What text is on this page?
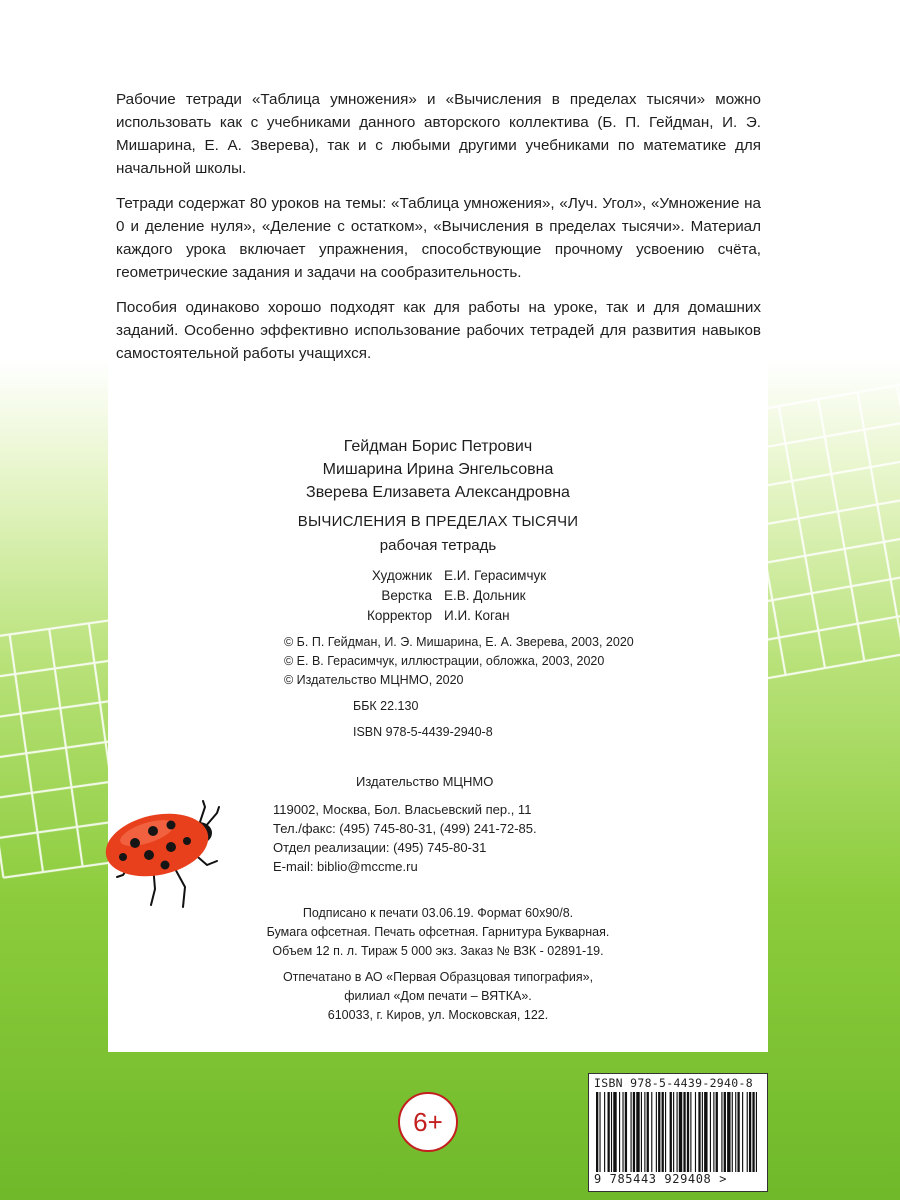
Рабочие тетради «Таблица умножения» и «Вычисления в пределах тысячи» можно использовать как с учебниками данного авторского коллектива (Б. П. Гейдман, И. Э. Мишарина, Е. А. Зверева), так и с любыми другими учебниками по математике для начальной школы.

Тетради содержат 80 уроков на темы: «Таблица умножения», «Луч. Угол», «Умножение на 0 и деление нуля», «Деление с остатком», «Вычисления в пределах тысячи». Материал каждого урока включает упражнения, способствующие прочному усвоению счёта, геометрические задания и задачи на сообразительность.

Пособия одинаково хорошо подходят как для работы на уроке, так и для домашних заданий. Особенно эффективно использование рабочих тетрадей для развития навыков самостоятельной работы учащихся.

Гейдман Борис Петрович
Мишарина Ирина Энгельсовна
Зверева Елизавета Александровна
ВЫЧИСЛЕНИЯ В ПРЕДЕЛАХ ТЫСЯЧИ
рабочая тетрадь
Художник Е.И. Герасимчук
Верстка Е.В. Дольник
Корректор И.И. Коган
© Б. П. Гейдман, И. Э. Мишарина, Е. А. Зверева, 2003, 2020
© Е. В. Герасимчук, иллюстрации, обложка, 2003, 2020
© Издательство МЦНМО, 2020
ББК 22.130
ISBN 978-5-4439-2940-8
Издательство МЦНМО
119002, Москва, Бол. Власьевский пер., 11
Тел./факс: (495) 745-80-31, (499) 241-72-85.
Отдел реализации: (495) 745-80-31
E-mail: biblio@mccme.ru
Подписано к печати 03.06.19. Формат 60х90/8.
Бумага офсетная. Печать офсетная. Гарнитура Букварная.
Объем 12 п. л. Тираж 5 000 экз. Заказ № ВЗК - 02891-19.
Отпечатано в АО «Первая Образцовая типография»,
филиал «Дом печати – ВЯТКА».
610033, г. Киров, ул. Московская, 122.
6+
ISBN 978-5-4439-2940-8
9 785443 929408 >
